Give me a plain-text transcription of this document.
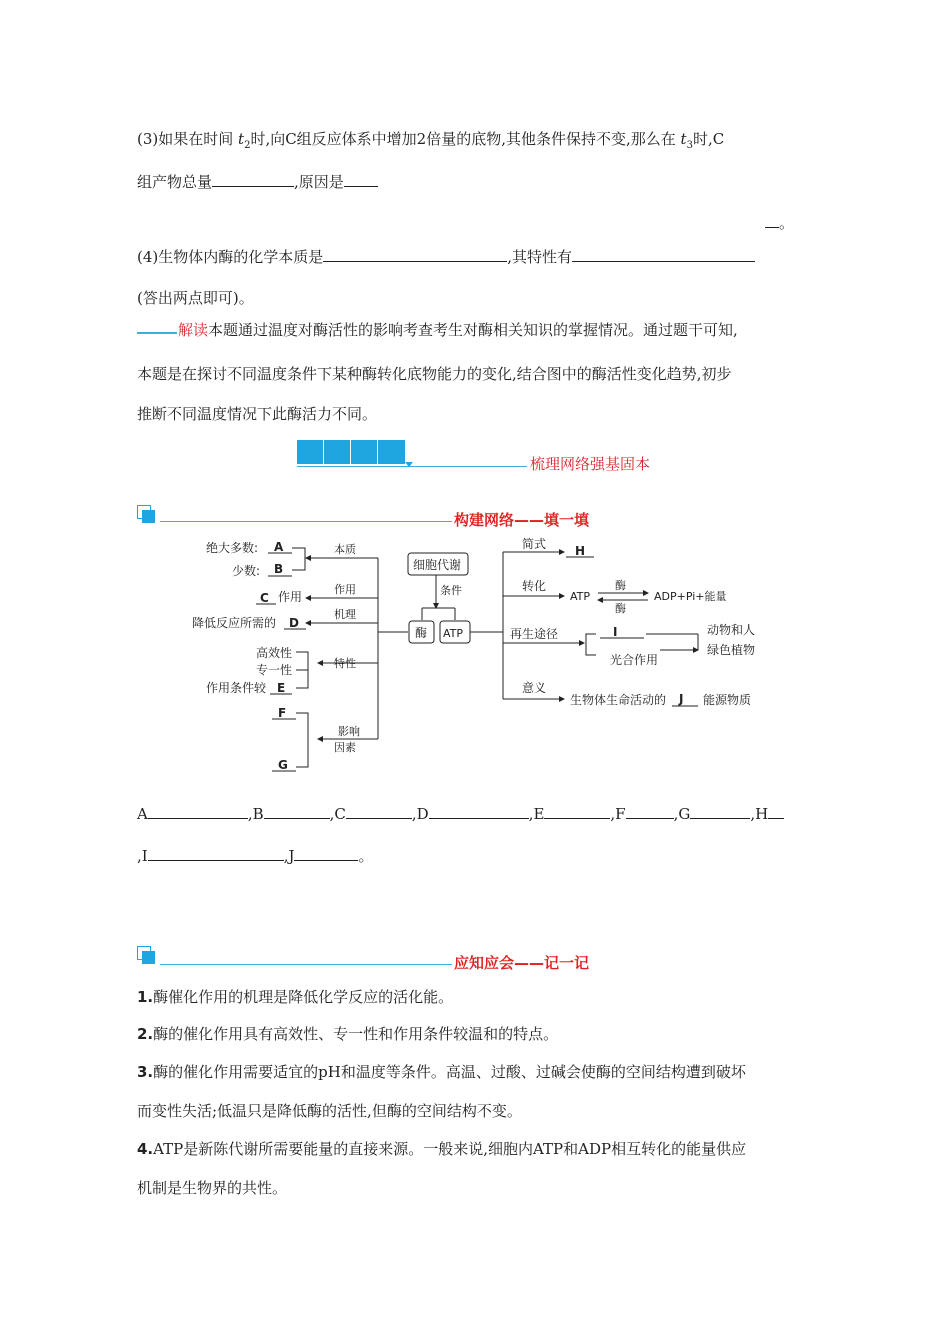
(3)如果在时间 $t_2$时,向C组反应体系中增加2倍量的底物,其他条件保持不变,那么在 $t_3$时,C
组产物总量	,原因是
。
(4)生物体内酶的化学本质是	,其特性有
(答出两点即可)。
解读本题通过温度对酶活性的影响考查考生对酶相关知识的掌握情况。通过题干可知,
本题是在探讨不同温度条件下某种酶转化底物能力的变化,结合图中的酶活性变化趋势,初步
推断不同温度情况下此酶活力不同。
梳理网络强基固本
构建网络——填一填
绝大多数: A
少数: B
本质
C 作用
作用
降低反应所需的 D
机理
高效性
专一性
作用条件较 E
特性
F
G
影响
因素
细胞代谢
条件
酶 ATP
简式 H
转化
ATP
酶
酶
ADP+Pi+能量
再生途径	I
光合作用
动物和人
绿色植物
意义
生物体生命活动的 J 能源物质
A	,B	,C	,D	,E	,F	,G	,H
,I	,J	。
应知应会——记一记
1.酶催化作用的机理是降低化学反应的活化能。
2.酶的催化作用具有高效性、专一性和作用条件较温和的特点。
3.酶的催化作用需要适宜的pH和温度等条件。高温、过酸、过碱会使酶的空间结构遭到破坏
而变性失活;低温只是降低酶的活性,但酶的空间结构不变。
4.ATP是新陈代谢所需要能量的直接来源。一般来说,细胞内ATP和ADP相互转化的能量供应
机制是生物界的共性。
